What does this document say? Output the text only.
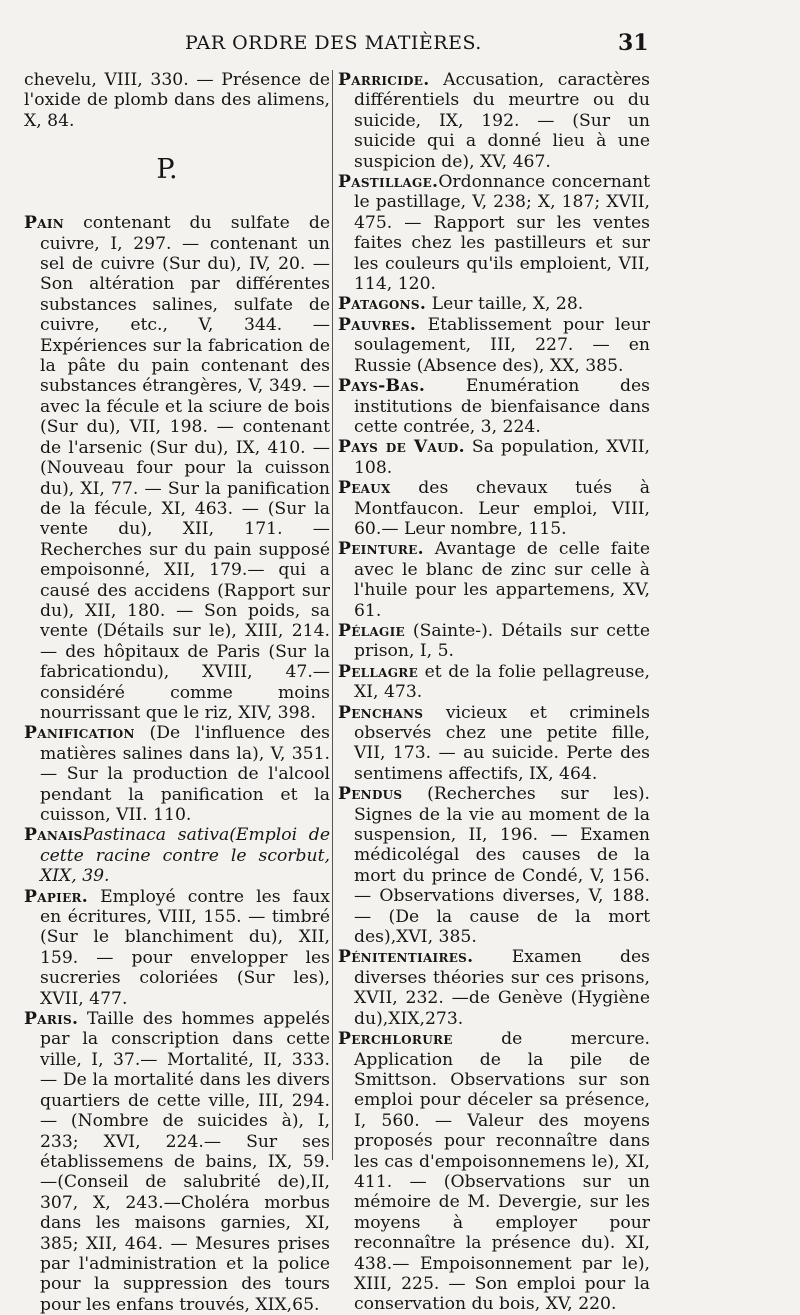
PAR ORDRE DES MATIÈRES.	31

chevelu, VIII, 330. — Présence de l'oxide de plomb dans des alimens, X, 84.

P.

Pain contenant du sulfate de cuivre, I, 297. — contenant un sel de cuivre (Sur du), IV, 20. — Son altération par différentes substances salines, sulfate de cuivre, etc., V, 344. — Expériences sur la fabrication de la pâte du pain contenant des substances étrangères, V, 349. —avec la fécule et la sciure de bois (Sur du), VII, 198. — contenant de l'arsenic (Sur du), IX, 410. — (Nouveau four pour la cuisson du), XI, 77. — Sur la panification de la fécule, XI, 463. — (Sur la vente du), XII, 171. — Recherches sur du pain supposé empoisonné, XII, 179.— qui a causé des accidens (Rapport sur du), XII, 180. — Son poids, sa vente (Détails sur le), XIII, 214. — des hôpitaux de Paris (Sur la fabricationdu), XVIII, 47.—considéré comme moins nourrissant que le riz, XIV, 398.

Panification (De l'influence des matières salines dans la), V, 351. — Sur la production de l'alcool pendant la panification et la cuisson, VII. 110.

PanaisPastinaca sativa(Emploi de cette racine contre le scorbut, XIX, 39.

Papier. Employé contre les faux en écritures, VIII, 155. — timbré (Sur le blanchiment du), XII, 159. — pour envelopper les sucreries coloriées (Sur les), XVII, 477.

Paris. Taille des hommes appelés par la conscription dans cette ville, I, 37.— Mortalité, II, 333. — De la mortalité dans les divers quartiers de cette ville, III, 294. — (Nombre de suicides à), I, 233; XVI, 224.— Sur ses établissemens de bains, IX, 59. —(Conseil de salubrité de),II, 307, X, 243.—Choléra morbus dans les maisons garnies, XI, 385; XII, 464. — Mesures prises par l'administration et la police pour la suppression des tours pour les enfans trouvés, XIX,65.

Parricide. Accusation, caractères différentiels du meurtre ou du suicide, IX, 192. — (Sur un suicide qui a donné lieu à une suspicion de), XV, 467.

Pastillage.Ordonnance concernant le pastillage, V, 238; X, 187; XVII, 475. — Rapport sur les ventes faites chez les pastilleurs et sur les couleurs qu'ils emploient, VII, 114, 120.

Patagons. Leur taille, X, 28.

Pauvres. Etablissement pour leur soulagement, III, 227. — en Russie (Absence des), XX, 385.

Pays-Bas. Enumération des institutions de bienfaisance dans cette contrée, 3, 224.

Pays de Vaud. Sa population, XVII, 108.

Peaux des chevaux tués à Montfaucon. Leur emploi, VIII, 60.— Leur nombre, 115.

Peinture. Avantage de celle faite avec le blanc de zinc sur celle à l'huile pour les appartemens, XV, 61.

Pélagie (Sainte-). Détails sur cette prison, I, 5.

Pellagre et de la folie pellagreuse, XI, 473.

Penchans vicieux et criminels observés chez une petite fille, VII, 173. — au suicide. Perte des sentimens affectifs, IX, 464.

Pendus (Recherches sur les). Signes de la vie au moment de la suspension, II, 196. — Examen médicolégal des causes de la mort du prince de Condé, V, 156.— Observations diverses, V, 188. — (De la cause de la mort des),XVI, 385.

Pénitentiaires. Examen des diverses théories sur ces prisons, XVII, 232. —de Genève (Hygiène du),XIX,273.

Perchlorure de mercure. Application de la pile de Smittson. Observations sur son emploi pour déceler sa présence, I, 560. — Valeur des moyens proposés pour reconnaître dans les cas d'empoisonnemens le), XI, 411. — (Observations sur un mémoire de M. Devergie, sur les moyens à employer pour reconnaître la présence du). XI, 438.— Empoisonnement par le), XIII, 225. — Son emploi pour la conservation du bois, XV, 220.
